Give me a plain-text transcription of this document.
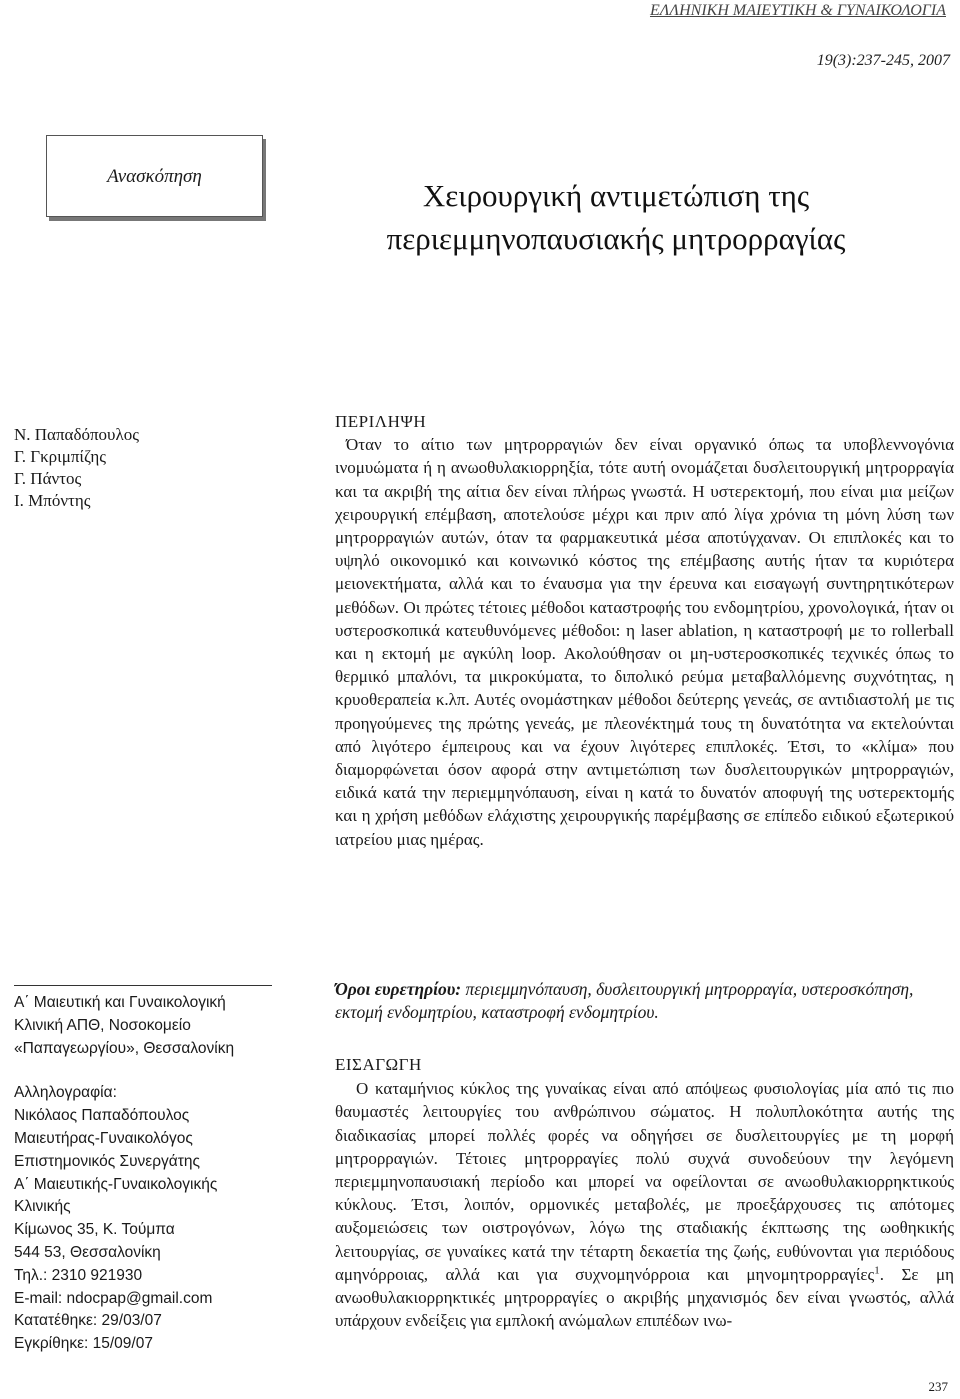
ΕΛΛΗΝΙΚΗ ΜΑΙΕΥΤΙΚΗ & ΓΥΝΑΙΚΟΛΟΓΙΑ
19(3):237-245, 2007
Ανασκόπηση
Χειρουργική αντιμετώπιση της
περιεμμηνοπαυσιακής μητρορραγίας
Ν. Παπαδόπουλος
Γ. Γκριμπίζης
Γ. Πάντος
Ι. Μπόντης
Α΄ Μαιευτική και Γυναικολογική
Κλινική ΑΠΘ, Νοσοκομείο
«Παπαγεωργίου», Θεσσαλονίκη
Αλληλογραφία:
Νικόλαος Παπαδόπουλος
Μαιευτήρας-Γυναικολόγος
Επιστημονικός Συνεργάτης
Α΄ Μαιευτικής-Γυναικολογικής
Κλινικής
Κίμωνος 35, Κ. Τούμπα
544 53, Θεσσαλονίκη
Τηλ.: 2310 921930
E-mail: ndocpap@gmail.com
Κατατέθηκε: 29/03/07
Εγκρίθηκε: 15/09/07
ΠΕΡΙΛΗΨΗ

Όταν το αίτιο των μητρορραγιών δεν είναι οργανικό όπως τα υποβλεννογόνια ινομυώματα ή η ανωοθυλακιορρηξία, τότε αυτή ονομάζεται δυσλειτουργική μητρορραγία και τα ακριβή της αίτια δεν είναι πλήρως γνωστά. Η υστερεκτομή, που είναι μια μείζων χειρουργική επέμβαση, αποτελούσε μέχρι και πριν από λίγα χρόνια τη μόνη λύση των μητρορραγιών αυτών, όταν τα φαρμακευτικά μέσα αποτύγχαναν. Οι επιπλοκές και το υψηλό οικονομικό και κοινωνικό κόστος της επέμβασης αυτής ήταν τα κυριότερα μειονεκτήματα, αλλά και το έναυσμα για την έρευνα και εισαγωγή συντηρητικότερων μεθόδων. Οι πρώτες τέτοιες μέθοδοι καταστροφής του ενδομητρίου, χρονολογικά, ήταν οι υστεροσκοπικά κατευθυνόμενες μέθοδοι: η laser ablation, η καταστροφή με το rollerball και η εκτομή με αγκύλη loop. Ακολούθησαν οι μη-υστεροσκοπικές τεχνικές όπως το θερμικό μπαλόνι, τα μικροκύματα, το διπολικό ρεύμα μεταβαλλόμενης συχνότητας, η κρυοθεραπεία κ.λπ. Αυτές ονομάστηκαν μέθοδοι δεύτερης γενεάς, σε αντιδιαστολή με τις προηγούμενες της πρώτης γενεάς, με πλεονέκτημά τους τη δυνατότητα να εκτελούνται από λιγότερο έμπειρους και να έχουν λιγότερες επιπλοκές. Έτσι, το «κλίμα» που διαμορφώνεται όσον αφορά στην αντιμετώπιση των δυσλειτουργικών μητρορραγιών, ειδικά κατά την περιεμμηνόπαυση, είναι η κατά το δυνατόν αποφυγή της υστερεκτομής και η χρήση μεθόδων ελάχιστης χειρουργικής παρέμβασης σε επίπεδο ειδικού εξωτερικού ιατρείου μιας ημέρας.

Όροι ευρετηρίου: περιεμμηνόπαυση, δυσλειτουργική μητρορραγία, υστεροσκόπηση, εκτομή ενδομητρίου, καταστροφή ενδομητρίου.
ΕΙΣΑΓΩΓΗ

Ο καταμήνιος κύκλος της γυναίκας είναι από απόψεως φυσιολογίας μία από τις πιο θαυμαστές λειτουργίες του ανθρώπινου σώματος. Η πολυπλοκότητα αυτής της διαδικασίας μπορεί πολλές φορές να οδηγήσει σε δυσλειτουργίες με τη μορφή μητρορραγιών. Τέτοιες μητρορραγίες πολύ συχνά συνοδεύουν την λεγόμενη περιεμμηνοπαυσιακή περίοδο και μπορεί να οφείλονται σε ανωοθυλακιορρηκτικούς κύκλους. Έτσι, λοιπόν, ορμονικές μεταβολές, με προεξάρχουσες τις απότομες αυξομειώσεις των οιστρογόνων, λόγω της σταδιακής έκπτωσης της ωοθηκικής λειτουργίας, σε γυναίκες κατά την τέταρτη δεκαετία της ζωής, ευθύνονται για περιόδους αμηνόρροιας, αλλά και για συχνομηνόρροια και μηνομητρορραγίες$^1$. Σε μη ανωοθυλακιορρηκτικές μητρορραγίες ο ακριβής μηχανισμός δεν είναι γνωστός, αλλά υπάρχουν ενδείξεις για εμπλοκή ανώμαλων επιπέδων ινω-

237
